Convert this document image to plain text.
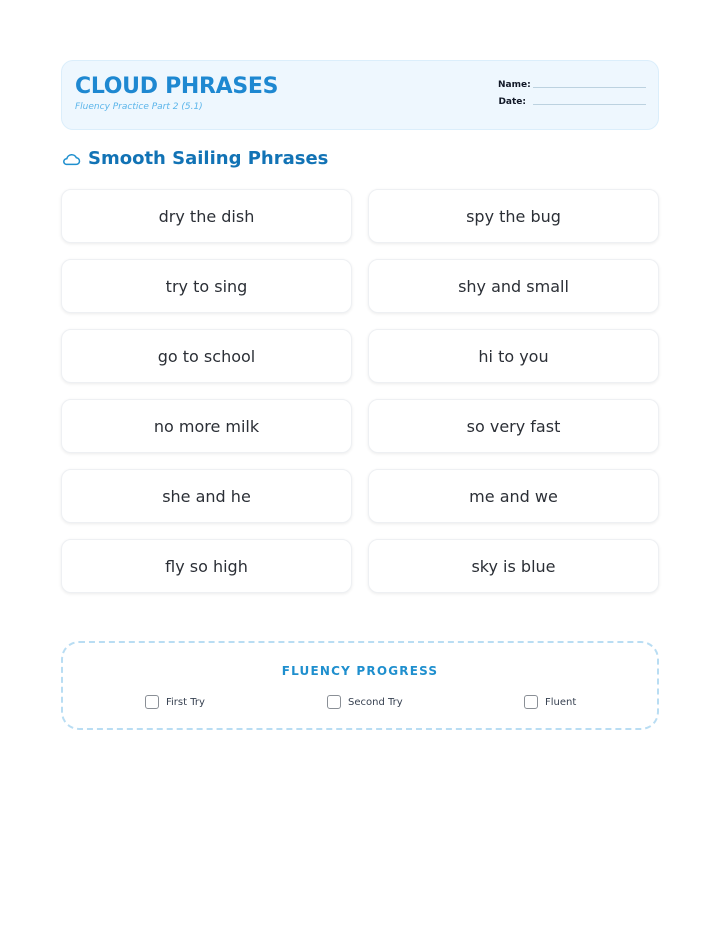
CLOUD PHRASES
Fluency Practice Part 2 (5.1)
Name:
Date:
Smooth Sailing Phrases
dry the dish	spy the bug
try to sing	shy and small
go to school	hi to you
no more milk	so very fast
she and he	me and we
fly so high	sky is blue
FLUENCY PROGRESS
First Try	Second Try	Fluent
